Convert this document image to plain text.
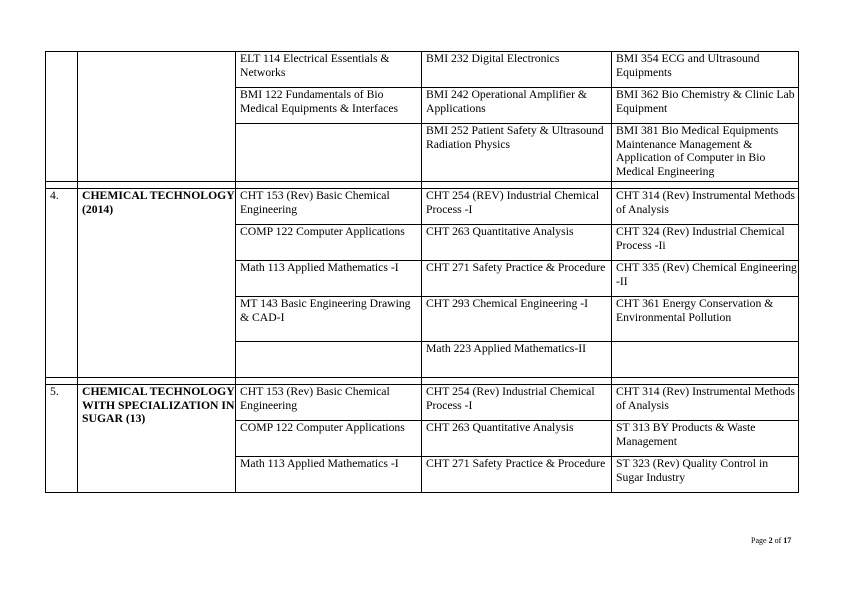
		ELT 114 Electrical Essentials & Networks	BMI 232 Digital Electronics	BMI 354 ECG and Ultrasound Equipments
		BMI 122 Fundamentals of Bio Medical Equipments & Interfaces	BMI 242 Operational Amplifier & Applications	BMI 362 Bio Chemistry & Clinic Lab Equipment
			BMI 252 Patient Safety & Ultrasound Radiation Physics	BMI 381 Bio Medical Equipments Maintenance Management & Application of Computer in Bio Medical Engineering

4.	CHEMICAL TECHNOLOGY (2014)	CHT 153 (Rev) Basic Chemical Engineering	CHT 254 (REV) Industrial Chemical Process -I	CHT 314 (Rev) Instrumental Methods of Analysis
		COMP 122 Computer Applications	CHT 263 Quantitative Analysis	CHT 324 (Rev) Industrial Chemical Process -Ii
		Math 113 Applied Mathematics -I	CHT 271 Safety Practice & Procedure	CHT 335 (Rev) Chemical Engineering -II
		MT 143 Basic Engineering Drawing & CAD-I	CHT 293 Chemical Engineering -I	CHT 361 Energy Conservation & Environmental Pollution
			Math 223 Applied Mathematics-II	

5.	CHEMICAL TECHNOLOGY WITH SPECIALIZATION IN SUGAR (13)	CHT 153 (Rev) Basic Chemical Engineering	CHT 254 (Rev) Industrial Chemical Process -I	CHT 314 (Rev) Instrumental Methods of Analysis
		COMP 122 Computer Applications	CHT 263 Quantitative Analysis	ST 313 BY Products & Waste Management
		Math 113 Applied Mathematics -I	CHT 271 Safety Practice & Procedure	ST 323 (Rev) Quality Control in Sugar Industry
Page 2 of 17
